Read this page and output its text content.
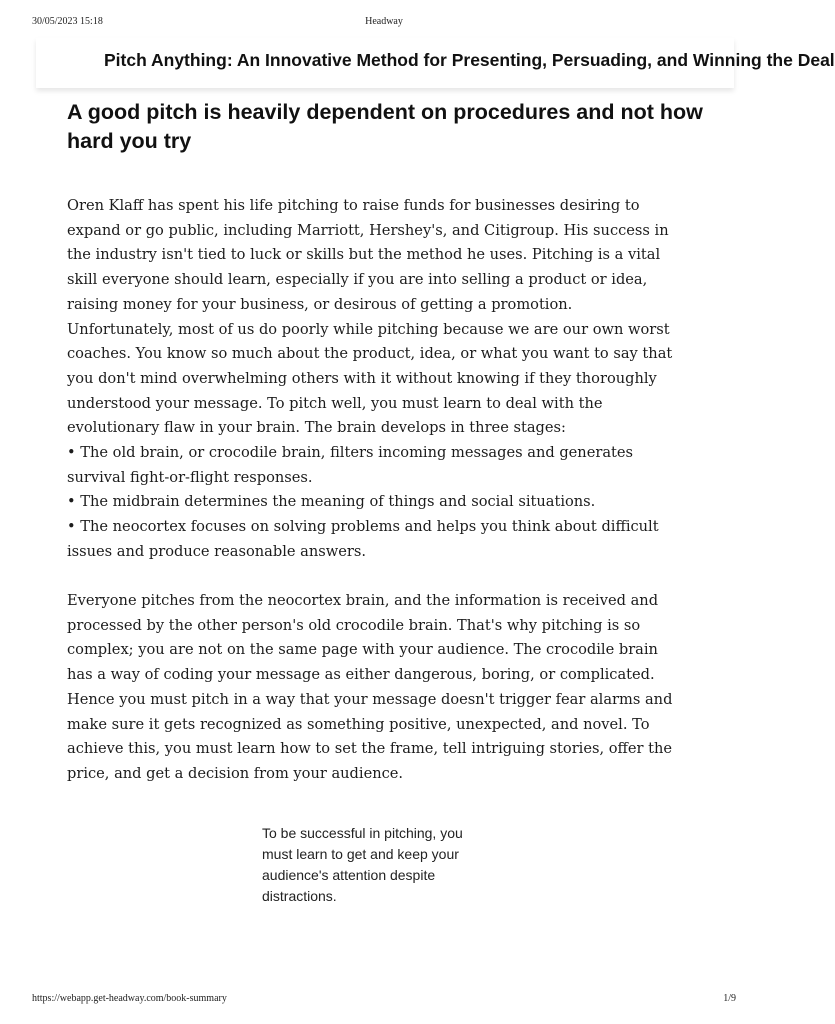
30/05/2023 15:18	Headway
Pitch Anything: An Innovative Method for Presenting, Persuading, and Winning the Deal
A good pitch is heavily dependent on procedures and not how hard you try

Oren Klaff has spent his life pitching to raise funds for businesses desiring to
expand or go public, including Marriott, Hershey's, and Citigroup. His success in
the industry isn't tied to luck or skills but the method he uses. Pitching is a vital
skill everyone should learn, especially if you are into selling a product or idea,
raising money for your business, or desirous of getting a promotion.
Unfortunately, most of us do poorly while pitching because we are our own worst
coaches. You know so much about the product, idea, or what you want to say that
you don't mind overwhelming others with it without knowing if they thoroughly
understood your message. To pitch well, you must learn to deal with the
evolutionary flaw in your brain. The brain develops in three stages:
• The old brain, or crocodile brain, filters incoming messages and generates
survival fight-or-flight responses.
• The midbrain determines the meaning of things and social situations.
• The neocortex focuses on solving problems and helps you think about difficult
issues and produce reasonable answers.

Everyone pitches from the neocortex brain, and the information is received and
processed by the other person's old crocodile brain. That's why pitching is so
complex; you are not on the same page with your audience. The crocodile brain
has a way of coding your message as either dangerous, boring, or complicated.
Hence you must pitch in a way that your message doesn't trigger fear alarms and
make sure it gets recognized as something positive, unexpected, and novel. To
achieve this, you must learn how to set the frame, tell intriguing stories, offer the
price, and get a decision from your audience.

To be successful in pitching, you
must learn to get and keep your
audience's attention despite
distractions.
https://webapp.get-headway.com/book-summary	1/9
